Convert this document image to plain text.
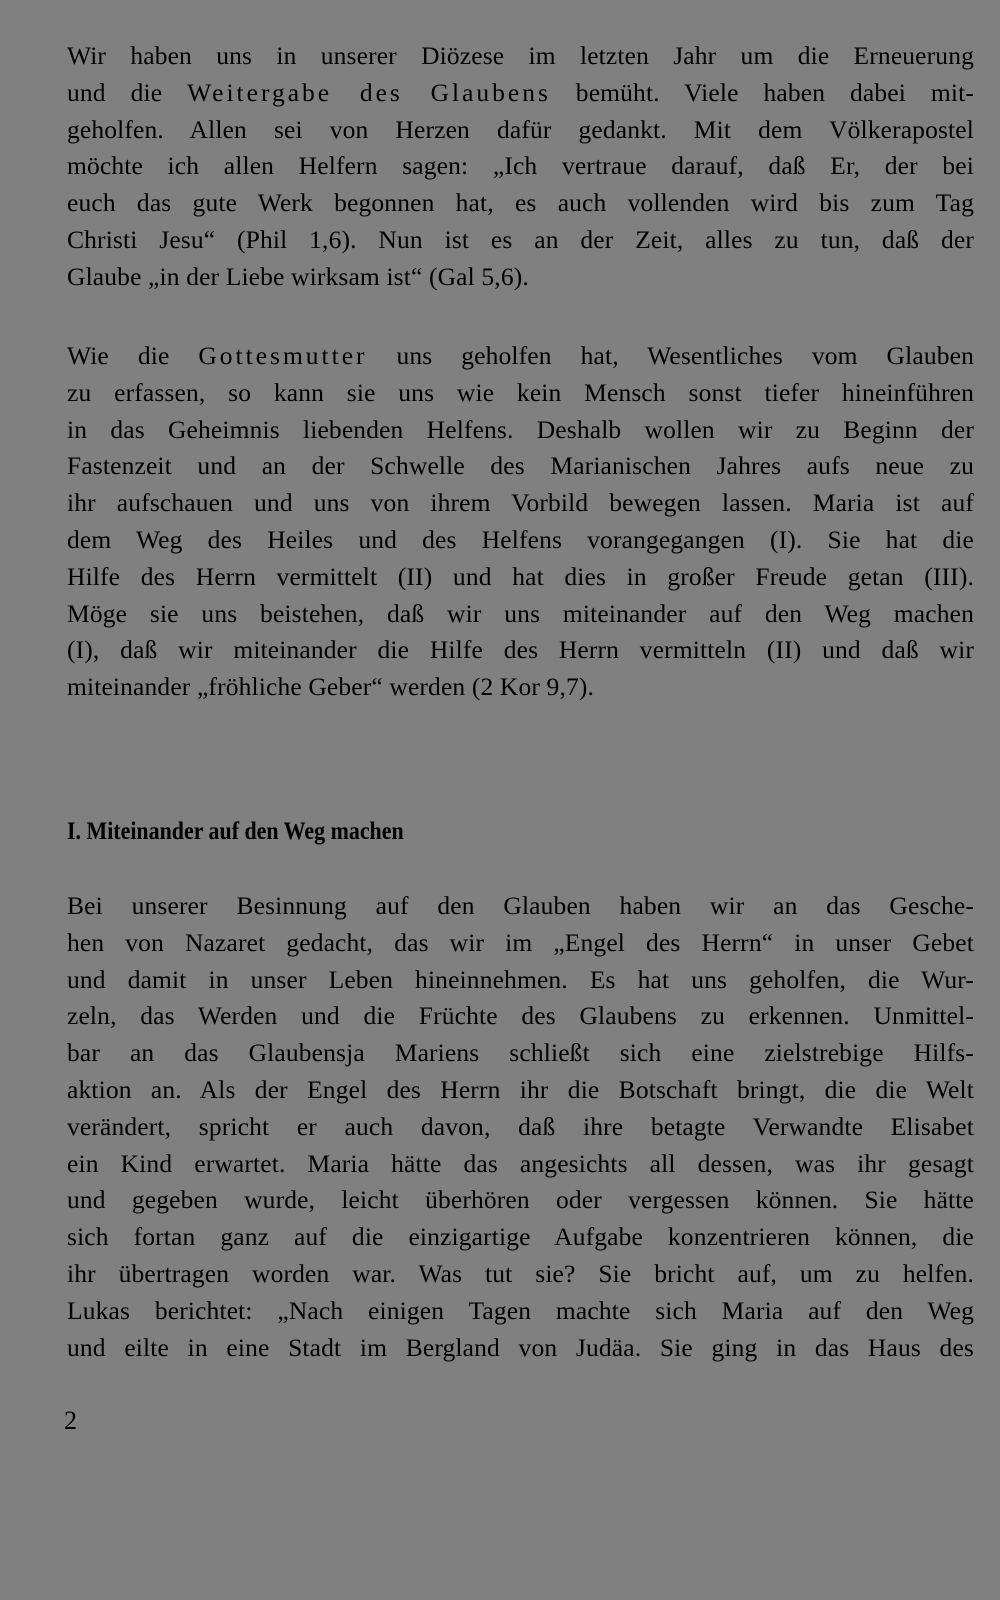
Wir haben uns in unserer Diözese im letzten Jahr um die Erneuerung
und die Weitergabe des Glaubens bemüht. Viele haben dabei mit-
geholfen. Allen sei von Herzen dafür gedankt. Mit dem Völkerapostel
möchte ich allen Helfern sagen: „Ich vertraue darauf, daß Er, der bei
euch das gute Werk begonnen hat, es auch vollenden wird bis zum Tag
Christi Jesu“ (Phil 1,6). Nun ist es an der Zeit, alles zu tun, daß der
Glaube „in der Liebe wirksam ist“ (Gal 5,6).
Wie die Gottesmutter uns geholfen hat, Wesentliches vom Glauben
zu erfassen, so kann sie uns wie kein Mensch sonst tiefer hineinführen
in das Geheimnis liebenden Helfens. Deshalb wollen wir zu Beginn der
Fastenzeit und an der Schwelle des Marianischen Jahres aufs neue zu
ihr aufschauen und uns von ihrem Vorbild bewegen lassen. Maria ist auf
dem Weg des Heiles und des Helfens vorangegangen (I). Sie hat die
Hilfe des Herrn vermittelt (II) und hat dies in großer Freude getan (III).
Möge sie uns beistehen, daß wir uns miteinander auf den Weg machen
(I), daß wir miteinander die Hilfe des Herrn vermitteln (II) und daß wir
miteinander „fröhliche Geber“ werden (2 Kor 9,7).
I. Miteinander auf den Weg machen
Bei unserer Besinnung auf den Glauben haben wir an das Gesche-
hen von Nazaret gedacht, das wir im „Engel des Herrn“ in unser Gebet
und damit in unser Leben hineinnehmen. Es hat uns geholfen, die Wur-
zeln, das Werden und die Früchte des Glaubens zu erkennen. Unmittel-
bar an das Glaubensja Mariens schließt sich eine zielstrebige Hilfs-
aktion an. Als der Engel des Herrn ihr die Botschaft bringt, die die Welt
verändert, spricht er auch davon, daß ihre betagte Verwandte Elisabet
ein Kind erwartet. Maria hätte das angesichts all dessen, was ihr gesagt
und gegeben wurde, leicht überhören oder vergessen können. Sie hätte
sich fortan ganz auf die einzigartige Aufgabe konzentrieren können, die
ihr übertragen worden war. Was tut sie? Sie bricht auf, um zu helfen.
Lukas berichtet: „Nach einigen Tagen machte sich Maria auf den Weg
und eilte in eine Stadt im Bergland von Judäa. Sie ging in das Haus des
2
